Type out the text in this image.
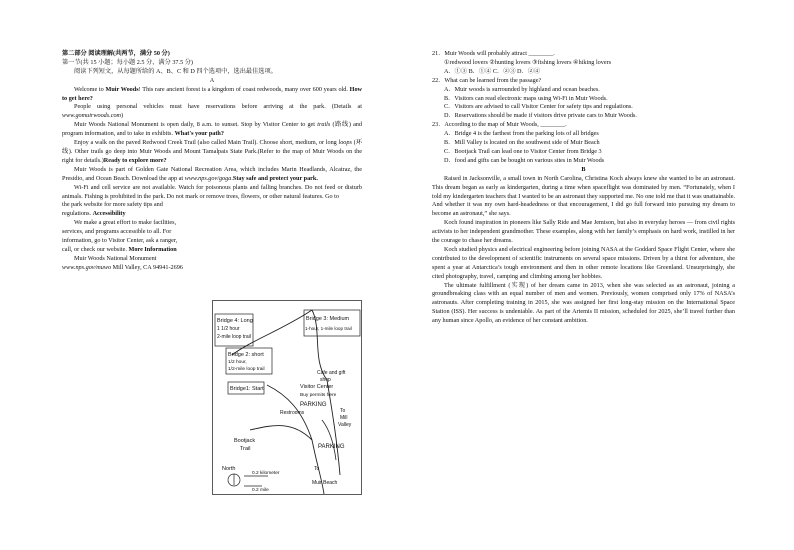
第二部分 阅读理解(共两节，满分 50 分)

第一节(共 15 小题；每小题 2.5 分，满分 37.5 分)

阅读下列短文，从每题所给的 A、B、C 和 D 四个选项中，选出最佳选项。

A

Welcome to Muir Woods! This rare ancient forest is a kingdom of coast redwoods, many over 600 years old. How to get here?

People using personal vehicles must have reservations before arriving at the park. (Details at www.gomuirwoods.com)

Muir Woods National Monument is open daily, 8 a.m. to sunset. Stop by Visitor Center to get trails (路线) and program information, and to take in exhibits. What's your path?

Enjoy a walk on the paved Redwood Creek Trail (also called Main Trail). Choose short, medium, or long loops (环线). Other trails go deep into Muir Woods and Mount Tamalpais State Park.(Refer to the map of Muir Woods on the right for details.)Ready to explore more?

Muir Woods is part of Golden Gate National Recreation Area, which includes Marin Headlands, Alcatraz, the Presidio, and Ocean Beach. Download the app at www.nps.gov/goga.Stay safe and protect your park.

Wi-Fi and cell service are not available. Watch for poisonous plants and falling branches. Do not feed or disturb animals. Fishing is prohibited in the park. Do not mark or remove trees, flowers, or other natural features. Go to

the park website for more safety tips and

regulations. Accessibility

We make a great effort to make facilities,

services, and programs accessible to all. For

information, go to Visitor Center, ask a ranger,

call, or check our website. More Information

Muir Woods National Monument

www.nps.gov/muwo Mill Valley, CA 94941-2696

Bridge 4: Long
1 1/2 hour
2-mile loop trail
Bridge 3: Medium
1-hour, 1-mile loop trail
Bridge 2: short
1/2 hour,
1/2-mile loop trail
Bridge1: Start
Cafe and gift
shop
Visitor Center
Buy permits here
PARKING
Restrooms
PARKING
Bootjack
Trail
To
Mill
Valley
North
0.2 kilometer
0.2 mile
To
Muir Beach

21．Muir Woods will probably attract ________.

①redwood lovers ②hunting lovers ③fishing lovers ④hiking lovers

A．①③ B．①④ C．②③ D．②④

22．What can be learned from the passage?

A．Muir woods is surrounded by highland and ocean beaches.

B．Visitors can read electronic maps using Wi-Fi in Muir Woods.

C．Visitors are advised to call Visitor Center for safety tips and regulations.

D．Reservations should be made if visitors drive private cars to Muir Woods.

23．According to the map of Muir Woods, ________.

A．Bridge 4 is the farthest from the parking lots of all bridges

B．Mill Valley is located on the southwest side of Muir Beach

C．Bootjack Trail can lead one to Visitor Center from Bridge 3

D．food and gifts can be bought on various sites in Muir Woods

B

Raised in Jacksonville, a small town in North Carolina, Christina Koch always knew she wanted to be an astronaut. This dream began as early as kindergarten, during a time when spaceflight was dominated by men. “Fortunately, when I told my kindergarten teachers that I wanted to be an astronaut they supported me. No one told me that it was unattainable. And whether it was my own hard-headedness or that encouragement, I did go full forward into pursuing my dream to become an astronaut,” she says.

Koch found inspiration in pioneers like Sally Ride and Mae Jemison, but also in everyday heroes — from civil rights activists to her independent grandmother. These examples, along with her family’s emphasis on hard work, instilled in her the courage to chase her dreams.

Koch studied physics and electrical engineering before joining NASA at the Goddard Space Flight Center, where she contributed to the development of scientific instruments on several space missions. Driven by a thirst for adventure, she spent a year at Antarctica’s tough environment and then in other remote locations like Greenland. Unsurprisingly, she cited photography, travel, camping and climbing among her hobbies.

The ultimate fulfillment (实现) of her dream came in 2013, when she was selected as an astronaut, joining a groundbreaking class with an equal number of men and women. Previously, women comprised only 17% of NASA’s astronauts. After completing training in 2015, she was assigned her first long-stay mission on the International Space Station (ISS). Her success is undeniable. As part of the Artemis II mission, scheduled for 2025, she’ll travel further than any human since Apollo, an evidence of her constant ambition.
